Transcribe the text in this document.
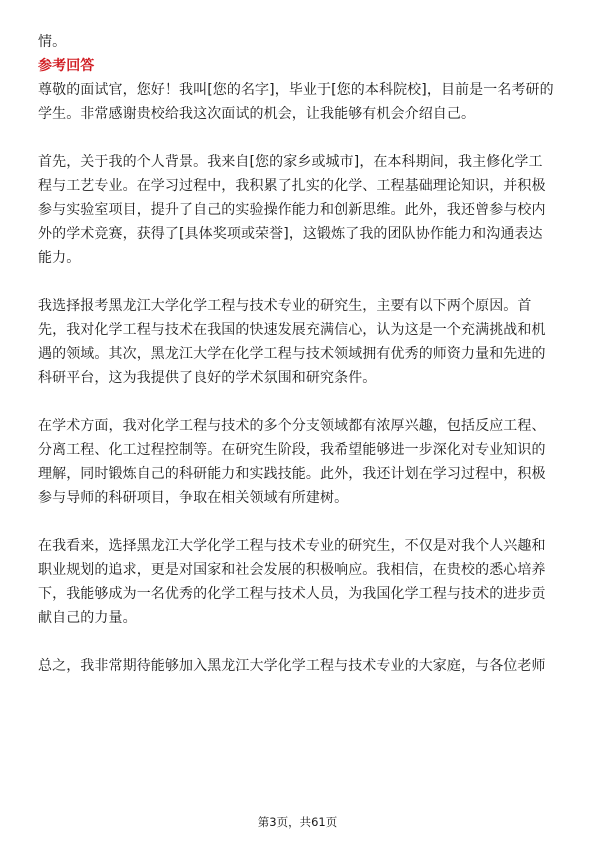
情。
参考回答
尊敬的面试官，您好！我叫[您的名字]，毕业于[您的本科院校]，目前是一名考研的
学生。非常感谢贵校给我这次面试的机会，让我能够有机会介绍自己。
首先，关于我的个人背景。我来自[您的家乡或城市]，在本科期间，我主修化学工
程与工艺专业。在学习过程中，我积累了扎实的化学、工程基础理论知识，并积极
参与实验室项目，提升了自己的实验操作能力和创新思维。此外，我还曾参与校内
外的学术竞赛，获得了[具体奖项或荣誉]，这锻炼了我的团队协作能力和沟通表达
能力。
我选择报考黑龙江大学化学工程与技术专业的研究生，主要有以下两个原因。首
先，我对化学工程与技术在我国的快速发展充满信心，认为这是一个充满挑战和机
遇的领域。其次，黑龙江大学在化学工程与技术领域拥有优秀的师资力量和先进的
科研平台，这为我提供了良好的学术氛围和研究条件。
在学术方面，我对化学工程与技术的多个分支领域都有浓厚兴趣，包括反应工程、
分离工程、化工过程控制等。在研究生阶段，我希望能够进一步深化对专业知识的
理解，同时锻炼自己的科研能力和实践技能。此外，我还计划在学习过程中，积极
参与导师的科研项目，争取在相关领域有所建树。
在我看来，选择黑龙江大学化学工程与技术专业的研究生，不仅是对我个人兴趣和
职业规划的追求，更是对国家和社会发展的积极响应。我相信，在贵校的悉心培养
下，我能够成为一名优秀的化学工程与技术人员，为我国化学工程与技术的进步贡
献自己的力量。
总之，我非常期待能够加入黑龙江大学化学工程与技术专业的大家庭，与各位老师
第3页，共61页
